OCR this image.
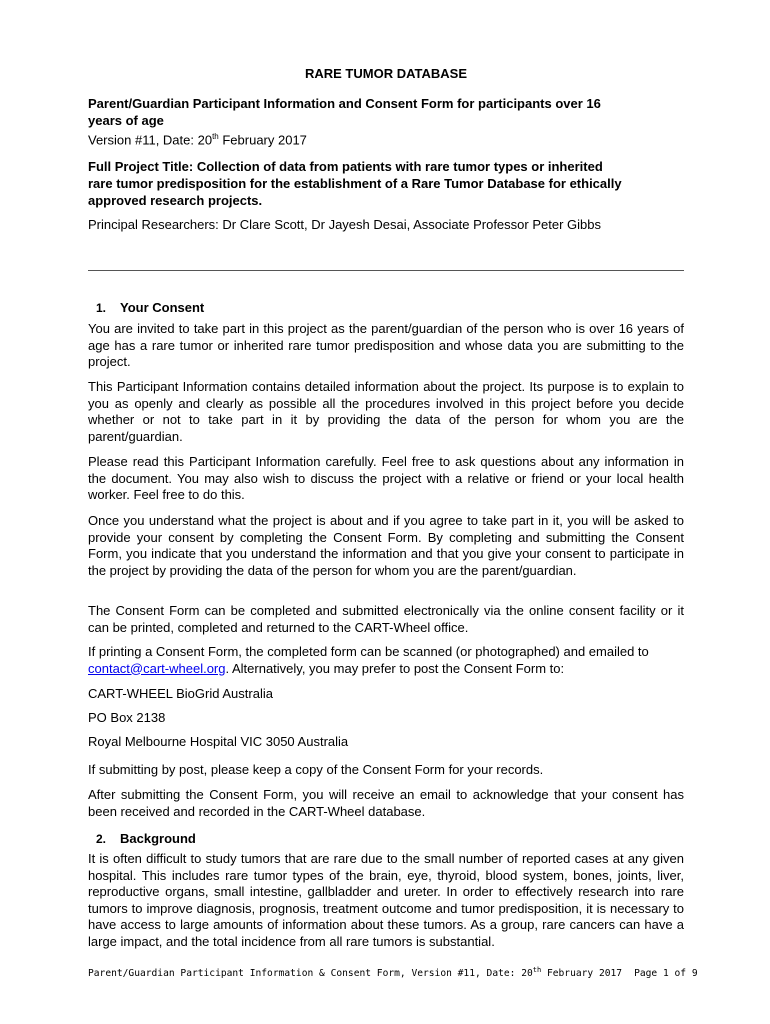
RARE TUMOR DATABASE
Parent/Guardian Participant Information and Consent Form for participants over 16
years of age
Version #11, Date: 20th February 2017
Full Project Title: Collection of data from patients with rare tumor types or inherited
rare tumor predisposition for the establishment of a Rare Tumor Database for ethically
approved research projects.
Principal Researchers: Dr Clare Scott, Dr Jayesh Desai, Associate Professor Peter Gibbs
1. Your Consent

You are invited to take part in this project as the parent/guardian of the person who is over 16 years of age has a rare tumor or inherited rare tumor predisposition and whose data you are submitting to the project.

This Participant Information contains detailed information about the project. Its purpose is to explain to you as openly and clearly as possible all the procedures involved in this project before you decide whether or not to take part in it by providing the data of the person for whom you are the parent/guardian.

Please read this Participant Information carefully. Feel free to ask questions about any information in the document. You may also wish to discuss the project with a relative or friend or your local health worker. Feel free to do this.

Once you understand what the project is about and if you agree to take part in it, you will be asked to provide your consent by completing the Consent Form. By completing and submitting the Consent Form, you indicate that you understand the information and that you give your consent to participate in the project by providing the data of the person for whom you are the parent/guardian.

The Consent Form can be completed and submitted electronically via the online consent facility or it can be printed, completed and returned to the CART-Wheel office.

If printing a Consent Form, the completed form can be scanned (or photographed) and emailed to contact@cart-wheel.org. Alternatively, you may prefer to post the Consent Form to:

CART-WHEEL BioGrid Australia

PO Box 2138

Royal Melbourne Hospital VIC 3050 Australia

If submitting by post, please keep a copy of the Consent Form for your records.

After submitting the Consent Form, you will receive an email to acknowledge that your consent has been received and recorded in the CART-Wheel database.

2. Background

It is often difficult to study tumors that are rare due to the small number of reported cases at any given hospital. This includes rare tumor types of the brain, eye, thyroid, blood system, bones, joints, liver, reproductive organs, small intestine, gallbladder and ureter. In order to effectively research into rare tumors to improve diagnosis, prognosis, treatment outcome and tumor predisposition, it is necessary to have access to large amounts of information about these tumors. As a group, rare cancers can have a large impact, and the total incidence from all rare tumors is substantial.

Parent/Guardian Participant Information & Consent Form, Version #11, Date: 20th February 2017 Page 1 of 9
